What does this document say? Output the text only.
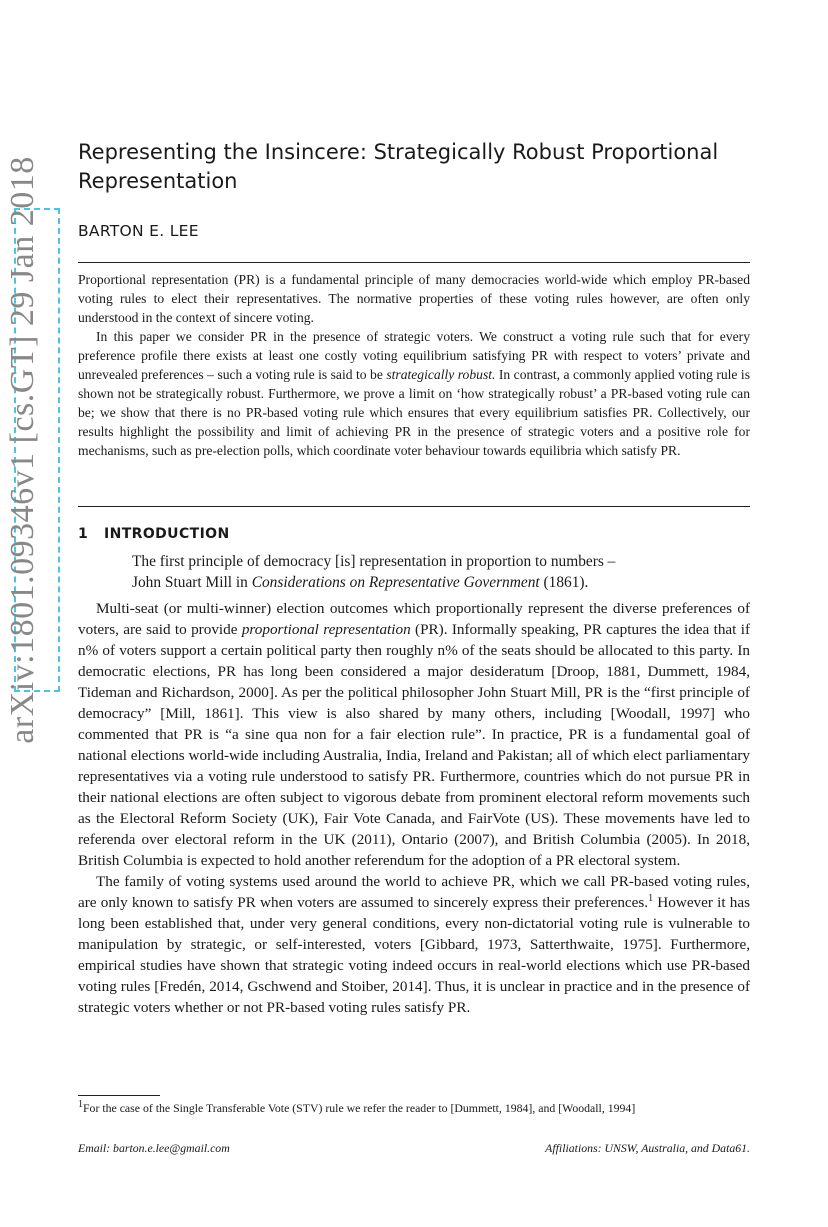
arXiv:1801.09346v1 [cs.GT] 29 Jan 2018
Representing the Insincere: Strategically Robust Proportional Representation
BARTON E. LEE

Proportional representation (PR) is a fundamental principle of many democracies world-wide which employ PR-based voting rules to elect their representatives. The normative properties of these voting rules however, are often only understood in the context of sincere voting.

In this paper we consider PR in the presence of strategic voters. We construct a voting rule such that for every preference profile there exists at least one costly voting equilibrium satisfying PR with respect to voters’ private and unrevealed preferences – such a voting rule is said to be strategically robust. In contrast, a commonly applied voting rule is shown not be strategically robust. Furthermore, we prove a limit on ‘how strategically robust’ a PR-based voting rule can be; we show that there is no PR-based voting rule which ensures that every equilibrium satisfies PR. Collectively, our results highlight the possibility and limit of achieving PR in the presence of strategic voters and a positive role for mechanisms, such as pre-election polls, which coordinate voter behaviour towards equilibria which satisfy PR.

1 INTRODUCTION

The first principle of democracy [is] representation in proportion to numbers –

John Stuart Mill in Considerations on Representative Government (1861).

Multi-seat (or multi-winner) election outcomes which proportionally represent the diverse preferences of voters, are said to provide proportional representation (PR). Informally speaking, PR captures the idea that if n% of voters support a certain political party then roughly n% of the seats should be allocated to this party. In democratic elections, PR has long been considered a major desideratum [Droop, 1881, Dummett, 1984, Tideman and Richardson, 2000]. As per the political philosopher John Stuart Mill, PR is the “first principle of democracy” [Mill, 1861]. This view is also shared by many others, including [Woodall, 1997] who commented that PR is “a sine qua non for a fair election rule”. In practice, PR is a fundamental goal of national elections world-wide including Australia, India, Ireland and Pakistan; all of which elect parliamentary representatives via a voting rule understood to satisfy PR. Furthermore, countries which do not pursue PR in their national elections are often subject to vigorous debate from prominent electoral reform movements such as the Electoral Reform Society (UK), Fair Vote Canada, and FairVote (US). These movements have led to referenda over electoral reform in the UK (2011), Ontario (2007), and British Columbia (2005). In 2018, British Columbia is expected to hold another referendum for the adoption of a PR electoral system.

The family of voting systems used around the world to achieve PR, which we call PR-based voting rules, are only known to satisfy PR when voters are assumed to sincerely express their preferences.$^1$ However it has long been established that, under very general conditions, every non-dictatorial voting rule is vulnerable to manipulation by strategic, or self-interested, voters [Gibbard, 1973, Satterthwaite, 1975]. Furthermore, empirical studies have shown that strategic voting indeed occurs in real-world elections which use PR-based voting rules [Fredén, 2014, Gschwend and Stoiber, 2014]. Thus, it is unclear in practice and in the presence of strategic voters whether or not PR-based voting rules satisfy PR.

$^1$For the case of the Single Transferable Vote (STV) rule we refer the reader to [Dummett, 1984], and [Woodall, 1994]
Email: barton.e.lee@gmail.com	Affiliations: UNSW, Australia, and Data61.
